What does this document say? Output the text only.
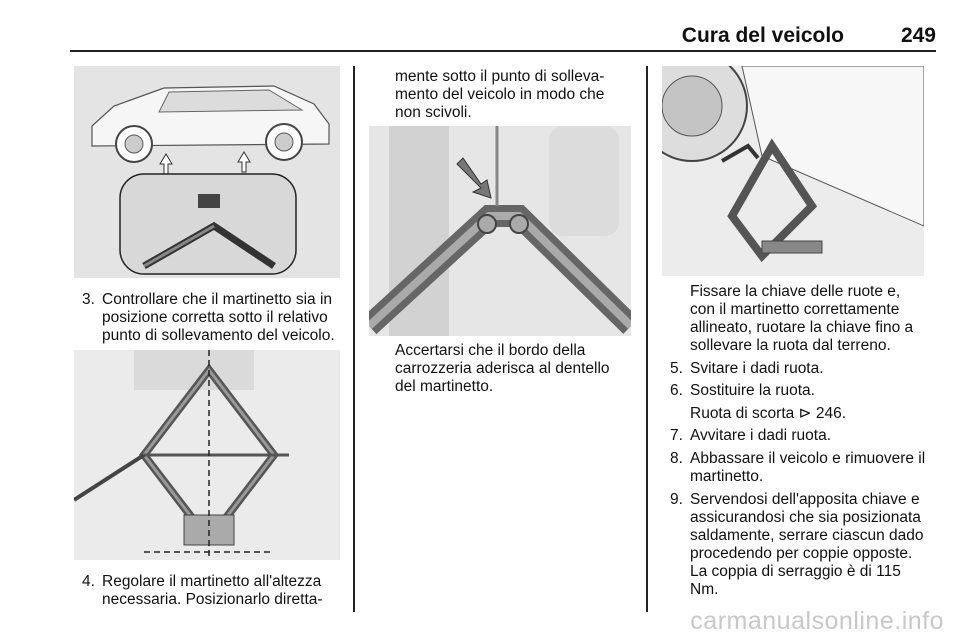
Cura del veicolo	249
3. Controllare che il martinetto sia in posizione corretta sotto il relativo punto di sollevamento del veicolo.
4. Regolare il martinetto all'altezza necessaria. Posizionarlo diretta-
mente sotto il punto di solleva-mento del veicolo in modo che non scivoli.
Accertarsi che il bordo della carrozzeria aderisca al dentello del martinetto.
Fissare la chiave delle ruote e, con il martinetto correttamente allineato, ruotare la chiave fino a sollevare la ruota dal terreno.
5. Svitare i dadi ruota.
6. Sostituire la ruota.
Ruota di scorta ⊳ 246.
7. Avvitare i dadi ruota.
8. Abbassare il veicolo e rimuovere il martinetto.
9. Servendosi dell'apposita chiave e assicurandosi che sia posizionata saldamente, serrare ciascun dado procedendo per coppie opposte. La coppia di serraggio è di 115 Nm.
carmanualsonline.info
